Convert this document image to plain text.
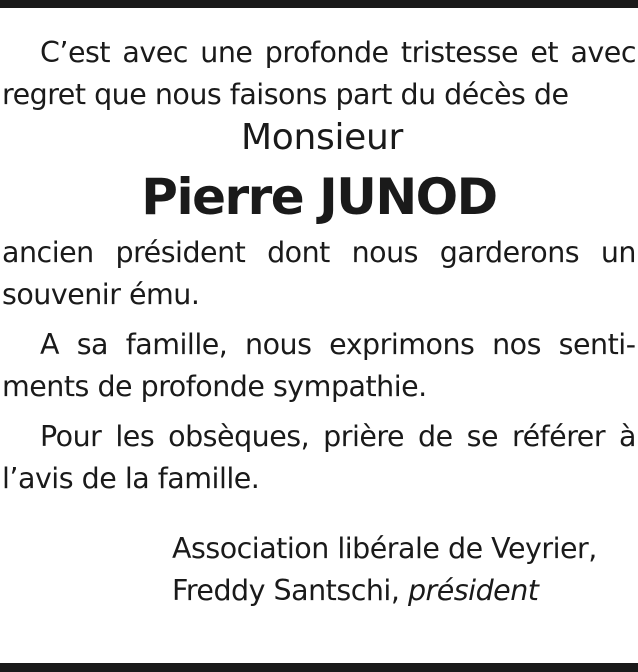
C’est avec une profonde tristesse et avec regret que nous faisons part du décès de

Monsieur

Pierre JUNOD

ancien président dont nous garderons un souvenir ému.

A sa famille, nous exprimons nos sentiments de profonde sympathie.

Pour les obsèques, prière de se référer à l’avis de la famille.

Association libérale de Veyrier,
Freddy Santschi, président
